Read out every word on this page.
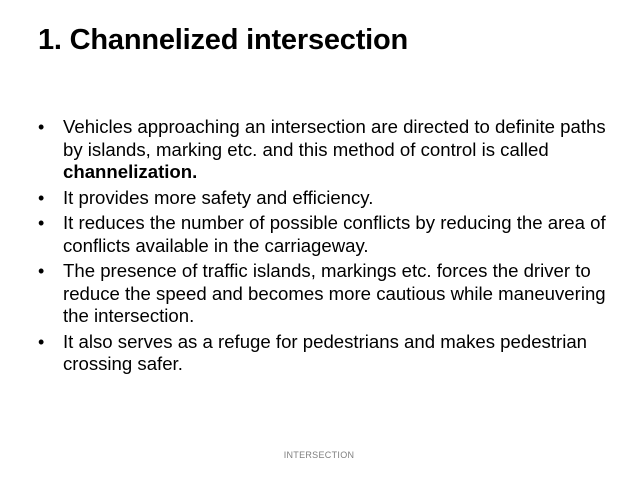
1. Channelized intersection
•	Vehicles approaching an intersection are directed to definite paths by islands, marking etc. and this method of control is called channelization.
•	It provides more safety and efficiency.
•	It reduces the number of possible conflicts by reducing the area of conflicts available in the carriageway.
•	The presence of traffic islands, markings etc. forces the driver to reduce the speed and becomes more cautious while maneuvering the intersection.
•	It also serves as a refuge for pedestrians and makes pedestrian crossing safer.
INTERSECTION
